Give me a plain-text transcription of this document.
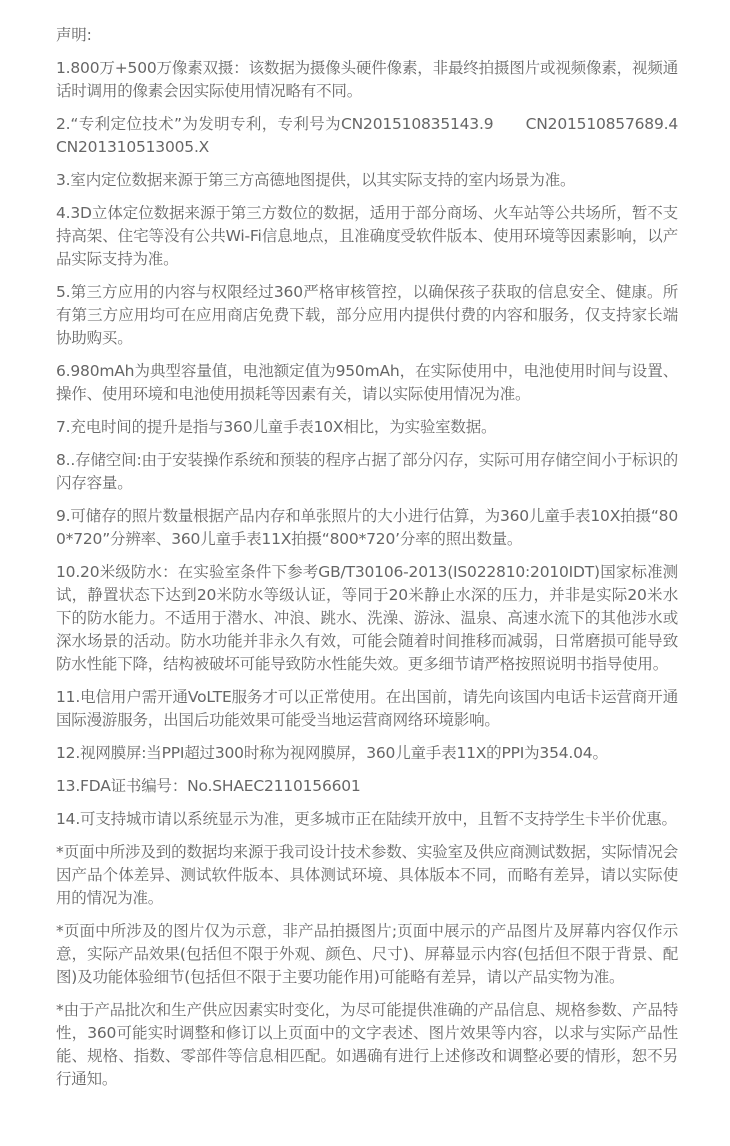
声明:

1.800万+500万像素双摄：该数据为摄像头硬件像素，非最终拍摄图片或视频像素，视频通话时调用的像素会因实际使用情况略有不同。

2.“专利定位技术”为发明专利，专利号为CN201510835143.9　　CN201510857689.4　CN201310513005.X

3.室内定位数据来源于第三方高德地图提供，以其实际支持的室内场景为准。

4.3D立体定位数据来源于第三方数位的数据，适用于部分商场、火车站等公共场所，暂不支持高架、住宅等没有公共Wi-Fi信息地点，且准确度受软件版本、使用环境等因素影响，以产品实际支持为准。

5.第三方应用的内容与权限经过360严格审核管控，以确保孩子获取的信息安全、健康。所有第三方应用均可在应用商店免费下载，部分应用内提供付费的内容和服务，仅支持家长端协助购买。

6.980mAh为典型容量值，电池额定值为950mAh，在实际使用中，电池使用时间与设置、操作、使用环境和电池使用损耗等因素有关，请以实际使用情况为准。

7.充电时间的提升是指与360儿童手表10X相比，为实验室数据。

8..存储空间:由于安装操作系统和预装的程序占据了部分闪存，实际可用存储空间小于标识的闪存容量。

9.可储存的照片数量根据产品内存和单张照片的大小进行估算，为360儿童手表10X拍摄“800*720”分辨率、360儿童手表11X拍摄“800*720’分率的照出数量。

10.20米级防水：在实验室条件下参考GB/T30106-2013(IS022810:2010IDT)国家标准测试，静置状态下达到20米防水等级认证，等同于20米静止水深的压力，并非是实际20米水下的防水能力。不适用于潜水、冲浪、跳水、洗澡、游泳、温泉、高速水流下的其他涉水或深水场景的活动。防水功能并非永久有效，可能会随着时间推移而减弱，日常磨损可能导致防水性能下降，结构被破坏可能导致防水性能失效。更多细节请严格按照说明书指导使用。

11.电信用户需开通VoLTE服务才可以正常使用。在出国前，请先向该国内电话卡运营商开通国际漫游服务，出国后功能效果可能受当地运营商网络环境影响。

12.视网膜屏:当PPI超过300时称为视网膜屏，360儿童手表11X的PPI为354.04。

13.FDA证书编号：No.SHAEC2110156601

14.可支持城市请以系统显示为准，更多城市正在陆续开放中，且暂不支持学生卡半价优惠。

*页面中所涉及到的数据均来源于我司设计技术参数、实验室及供应商测试数据，实际情况会因产品个体差异、测试软件版本、具体测试环境、具体版本不同，而略有差异，请以实际使用的情况为准。

*页面中所涉及的图片仅为示意，非产品拍摄图片;页面中展示的产品图片及屏幕内容仅作示意，实际产品效果(包括但不限于外观、颜色、尺寸)、屏幕显示内容(包括但不限于背景、配图)及功能体验细节(包括但不限于主要功能作用)可能略有差异，请以产品实物为准。

*由于产品批次和生产供应因素实时变化，为尽可能提供准确的产品信息、规格参数、产品特性，360可能实时调整和修订以上页面中的文字表述、图片效果等内容，以求与实际产品性能、规格、指数、零部件等信息相匹配。如遇确有进行上述修改和调整必要的情形，恕不另行通知。
